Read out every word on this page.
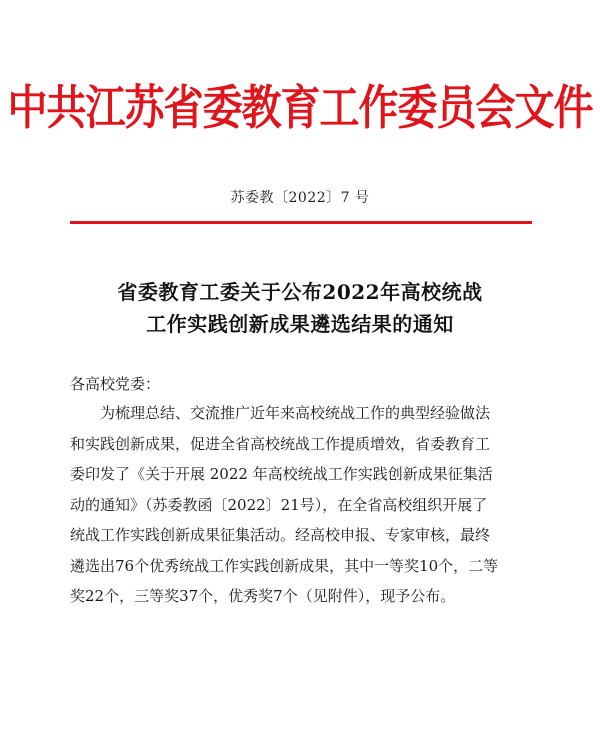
中共江苏省委教育工作委员会文件
苏委教〔2022〕7 号
省委教育工委关于公布2022年高校统战
工作实践创新成果遴选结果的通知
各高校党委：
为梳理总结、交流推广近年来高校统战工作的典型经验做法
和实践创新成果，促进全省高校统战工作提质增效，省委教育工
委印发了《关于开展 2022 年高校统战工作实践创新成果征集活
动的通知》（苏委教函〔2022〕21号），在全省高校组织开展了
统战工作实践创新成果征集活动。经高校申报、专家审核，最终
遴选出76个优秀统战工作实践创新成果，其中一等奖10个，二等
奖22个，三等奖37个，优秀奖7个（见附件），现予公布。
